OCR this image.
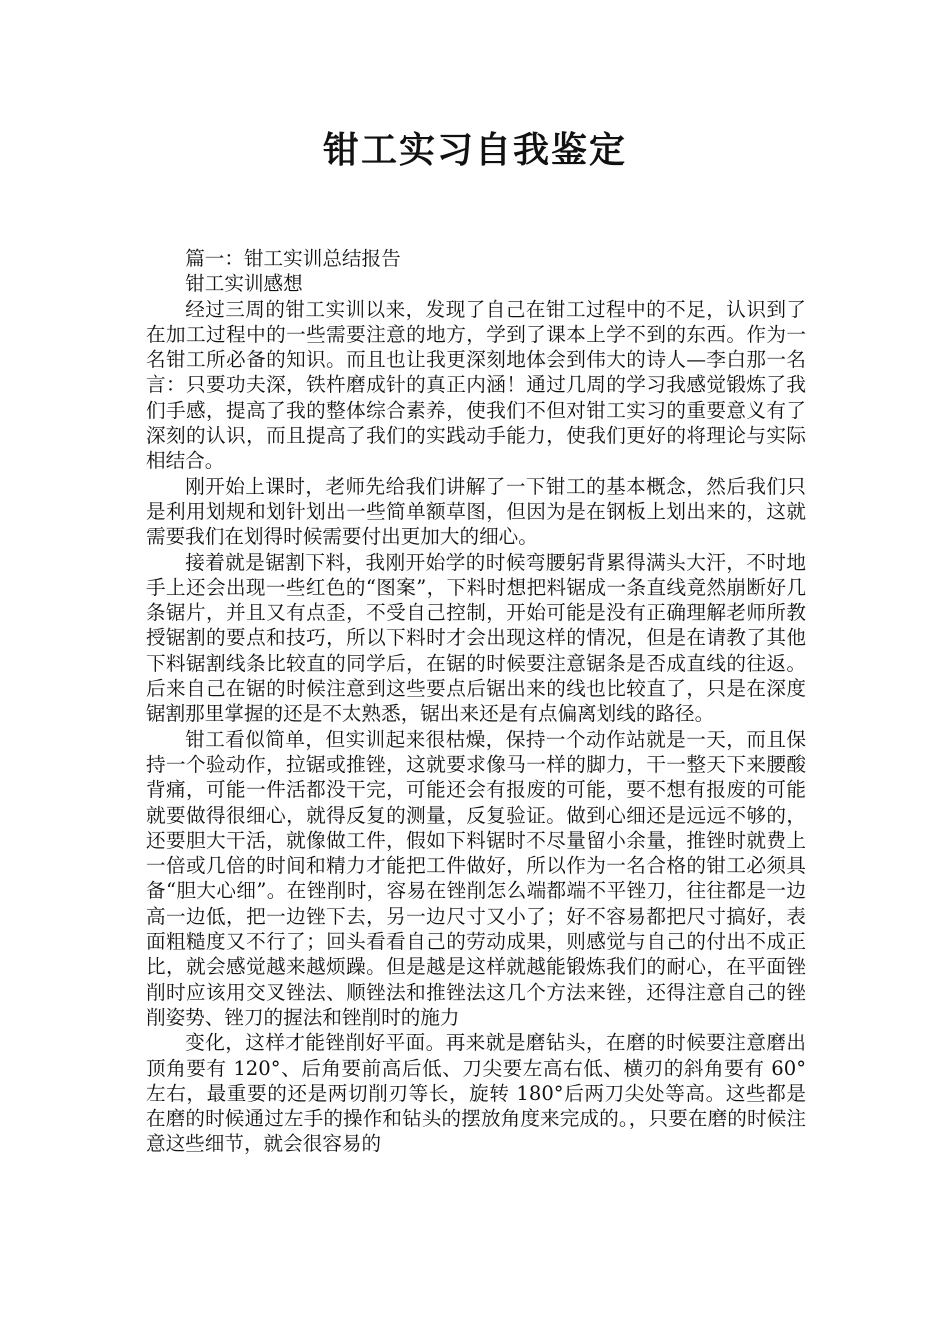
钳工实习自我鉴定

篇一：钳工实训总结报告

钳工实训感想

经过三周的钳工实训以来，发现了自己在钳工过程中的不足，认识到了在加工过程中的一些需要注意的地方，学到了课本上学不到的东西。作为一名钳工所必备的知识。而且也让我更深刻地体会到伟大的诗人—李白那一名言：只要功夫深，铁杵磨成针的真正内涵！通过几周的学习我感觉锻炼了我们手感，提高了我的整体综合素养，使我们不但对钳工实习的重要意义有了深刻的认识，而且提高了我们的实践动手能力，使我们更好的将理论与实际相结合。

刚开始上课时，老师先给我们讲解了一下钳工的基本概念，然后我们只是利用划规和划针划出一些简单额草图，但因为是在钢板上划出来的，这就需要我们在划得时候需要付出更加大的细心。

接着就是锯割下料，我刚开始学的时候弯腰躬背累得满头大汗，不时地手上还会出现一些红色的“图案”，下料时想把料锯成一条直线竟然崩断好几条锯片，并且又有点歪，不受自己控制，开始可能是没有正确理解老师所教授锯割的要点和技巧，所以下料时才会出现这样的情况，但是在请教了其他下料锯割线条比较直的同学后，在锯的时候要注意锯条是否成直线的往返。后来自己在锯的时候注意到这些要点后锯出来的线也比较直了，只是在深度锯割那里掌握的还是不太熟悉，锯出来还是有点偏离划线的路径。

钳工看似简单，但实训起来很枯燥，保持一个动作站就是一天，而且保持一个验动作，拉锯或推锉，这就要求像马一样的脚力，干一整天下来腰酸背痛，可能一件活都没干完，可能还会有报废的可能，要不想有报废的可能就要做得很细心，就得反复的测量，反复验证。做到心细还是远远不够的，还要胆大干活，就像做工件，假如下料锯时不尽量留小余量，推锉时就费上一倍或几倍的时间和精力才能把工件做好，所以作为一名合格的钳工必须具备“胆大心细”。在锉削时，容易在锉削怎么端都端不平锉刀，往往都是一边高一边低，把一边锉下去，另一边尺寸又小了；好不容易都把尺寸搞好，表面粗糙度又不行了；回头看看自己的劳动成果，则感觉与自己的付出不成正比，就会感觉越来越烦躁。但是越是这样就越能锻炼我们的耐心，在平面锉削时应该用交叉锉法、顺锉法和推锉法这几个方法来锉，还得注意自己的锉削姿势、锉刀的握法和锉削时的施力

变化，这样才能锉削好平面。再来就是磨钻头，在磨的时候要注意磨出顶角要有 120°、后角要前高后低、刀尖要左高右低、横刃的斜角要有 60°左右，最重要的还是两切削刃等长，旋转 180°后两刀尖处等高。这些都是在磨的时候通过左手的操作和钻头的摆放角度来完成的。，只要在磨的时候注意这些细节，就会很容易的
